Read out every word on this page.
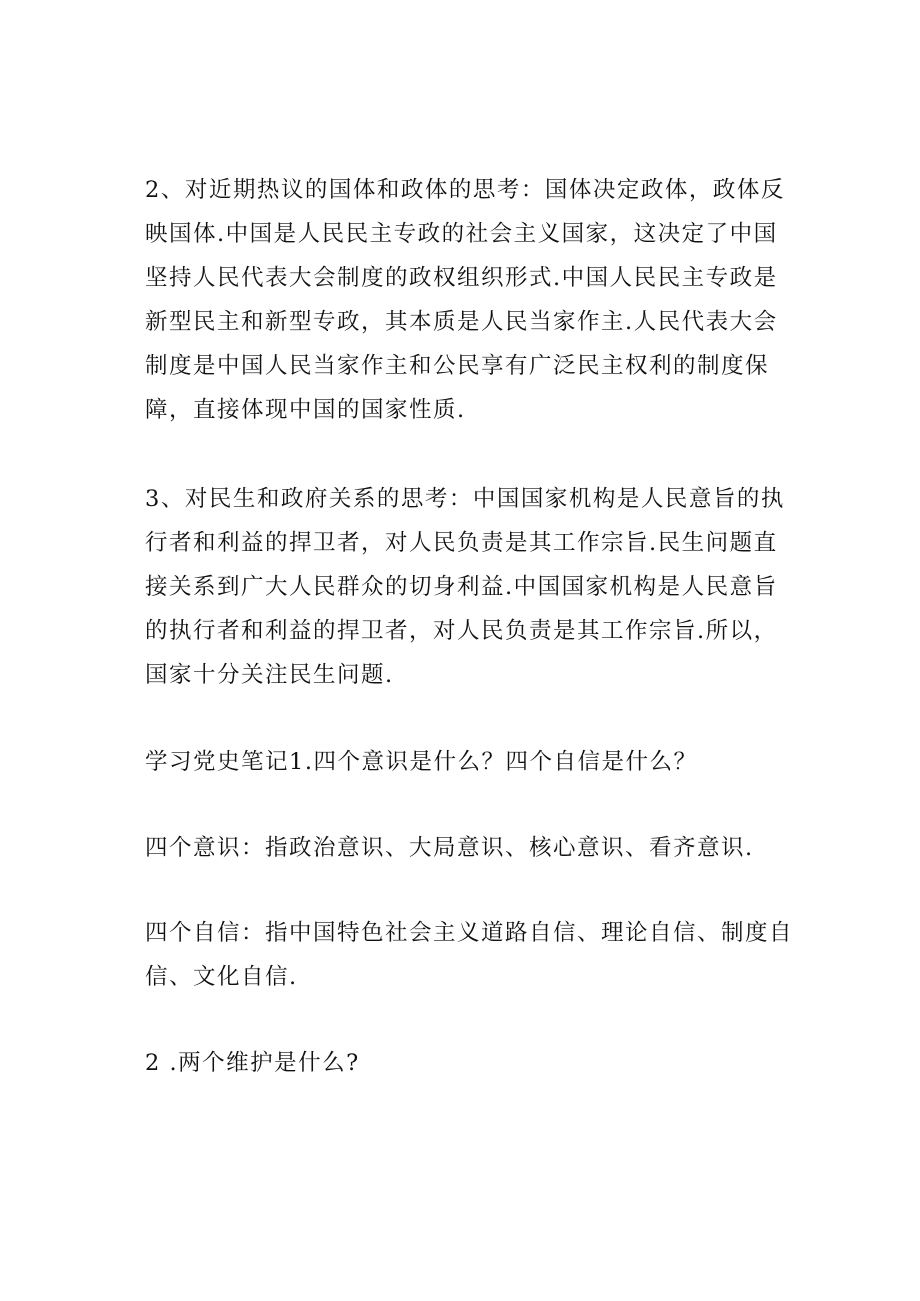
2、对近期热议的国体和政体的思考：国体决定政体，政体反映国体.中国是人民民主专政的社会主义国家，这决定了中国坚持人民代表大会制度的政权组织形式.中国人民民主专政是新型民主和新型专政，其本质是人民当家作主.人民代表大会制度是中国人民当家作主和公民享有广泛民主权利的制度保障，直接体现中国的国家性质.

3、对民生和政府关系的思考：中国国家机构是人民意旨的执行者和利益的捍卫者，对人民负责是其工作宗旨.民生问题直接关系到广大人民群众的切身利益.中国国家机构是人民意旨的执行者和利益的捍卫者，对人民负责是其工作宗旨.所以，国家十分关注民生问题.

学习党史笔记1.四个意识是什么？四个自信是什么？

四个意识：指政治意识、大局意识、核心意识、看齐意识.

四个自信：指中国特色社会主义道路自信、理论自信、制度自信、文化自信.

2 .两个维护是什么?
